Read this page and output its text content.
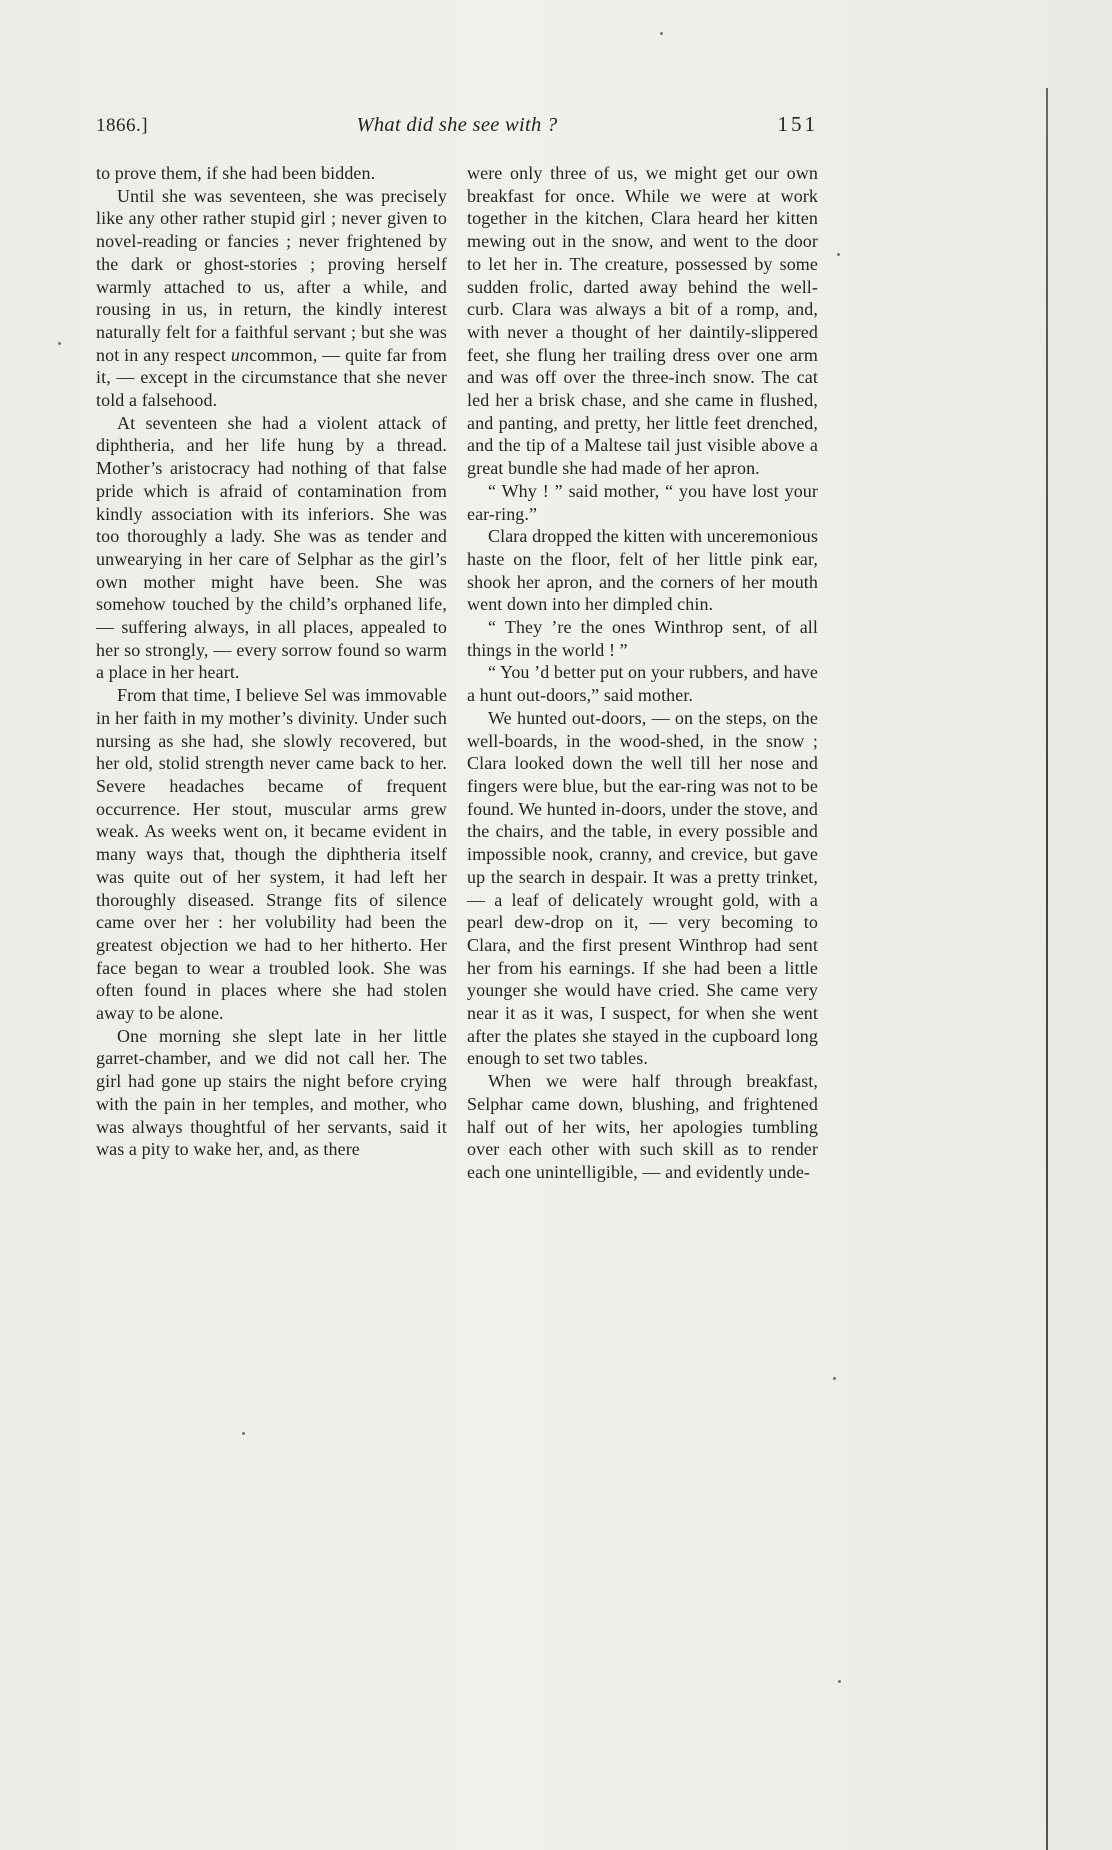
1866.]	What did she see with ?	151

to prove them, if she had been bidden.

Until she was seventeen, she was precisely like any other rather stupid girl ; never given to novel-reading or fancies ; never frightened by the dark or ghost-stories ; proving herself warmly attached to us, after a while, and rousing in us, in return, the kindly interest naturally felt for a faithful servant ; but she was not in any respect uncommon, — quite far from it, — except in the circumstance that she never told a falsehood.

At seventeen she had a violent attack of diphtheria, and her life hung by a thread. Mother’s aristocracy had nothing of that false pride which is afraid of contamination from kindly association with its inferiors. She was too thoroughly a lady. She was as tender and unwearying in her care of Selphar as the girl’s own mother might have been. She was somehow touched by the child’s orphaned life, — suffering always, in all places, appealed to her so strongly, — every sorrow found so warm a place in her heart.

From that time, I believe Sel was immovable in her faith in my mother’s divinity. Under such nursing as she had, she slowly recovered, but her old, stolid strength never came back to her. Severe headaches became of frequent occurrence. Her stout, muscular arms grew weak. As weeks went on, it became evident in many ways that, though the diphtheria itself was quite out of her system, it had left her thoroughly diseased. Strange fits of silence came over her : her volubility had been the greatest objection we had to her hitherto. Her face began to wear a troubled look. She was often found in places where she had stolen away to be alone.

One morning she slept late in her little garret-chamber, and we did not call her. The girl had gone up stairs the night before crying with the pain in her temples, and mother, who was always thoughtful of her servants, said it was a pity to wake her, and, as there

were only three of us, we might get our own breakfast for once. While we were at work together in the kitchen, Clara heard her kitten mewing out in the snow, and went to the door to let her in. The creature, possessed by some sudden frolic, darted away behind the well-curb. Clara was always a bit of a romp, and, with never a thought of her daintily-slippered feet, she flung her trailing dress over one arm and was off over the three-inch snow. The cat led her a brisk chase, and she came in flushed, and panting, and pretty, her little feet drenched, and the tip of a Maltese tail just visible above a great bundle she had made of her apron.

“ Why ! ” said mother, “ you have lost your ear-ring.”

Clara dropped the kitten with unceremonious haste on the floor, felt of her little pink ear, shook her apron, and the corners of her mouth went down into her dimpled chin.

“ They ’re the ones Winthrop sent, of all things in the world ! ”

“ You ’d better put on your rubbers, and have a hunt out-doors,” said mother.

We hunted out-doors, — on the steps, on the well-boards, in the wood-shed, in the snow ; Clara looked down the well till her nose and fingers were blue, but the ear-ring was not to be found. We hunted in-doors, under the stove, and the chairs, and the table, in every possible and impossible nook, cranny, and crevice, but gave up the search in despair. It was a pretty trinket, — a leaf of delicately wrought gold, with a pearl dew-drop on it, — very becoming to Clara, and the first present Winthrop had sent her from his earnings. If she had been a little younger she would have cried. She came very near it as it was, I suspect, for when she went after the plates she stayed in the cupboard long enough to set two tables.

When we were half through breakfast, Selphar came down, blushing, and frightened half out of her wits, her apologies tumbling over each other with such skill as to render each one unintelligible, — and evidently unde-
